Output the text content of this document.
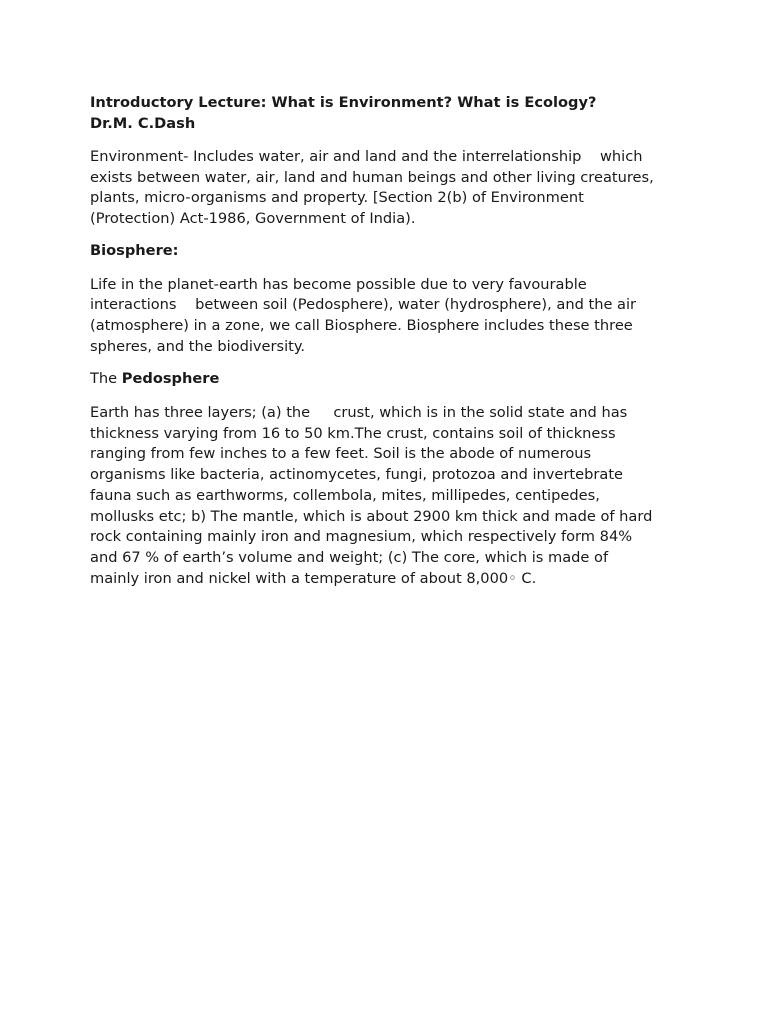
Introductory Lecture: What is Environment? What is Ecology?
Dr.M. C.Dash

Environment- Includes water, air and land and the interrelationship    which

exists between water, air, land and human beings and other living creatures,

plants, micro-organisms and property. [Section 2(b) of Environment

(Protection) Act-1986, Government of India).

Biosphere:

Life in the planet-earth has become possible due to very favourable

interactions    between soil (Pedosphere), water (hydrosphere), and the air

(atmosphere) in a zone, we call Biosphere. Biosphere includes these three

spheres, and the biodiversity.

The Pedosphere

Earth has three layers; (a) the     crust, which is in the solid state and has

thickness varying from 16 to 50 km.The crust, contains soil of thickness

ranging from few inches to a few feet. Soil is the abode of numerous

organisms like bacteria, actinomycetes, fungi, protozoa and invertebrate

fauna such as earthworms, collembola, mites, millipedes, centipedes,

mollusks etc; b) The mantle, which is about 2900 km thick and made of hard

rock containing mainly iron and magnesium, which respectively form 84%

and 67 % of earth’s volume and weight; (c) The core, which is made of

mainly iron and nickel with a temperature of about 8,000◦ C.
